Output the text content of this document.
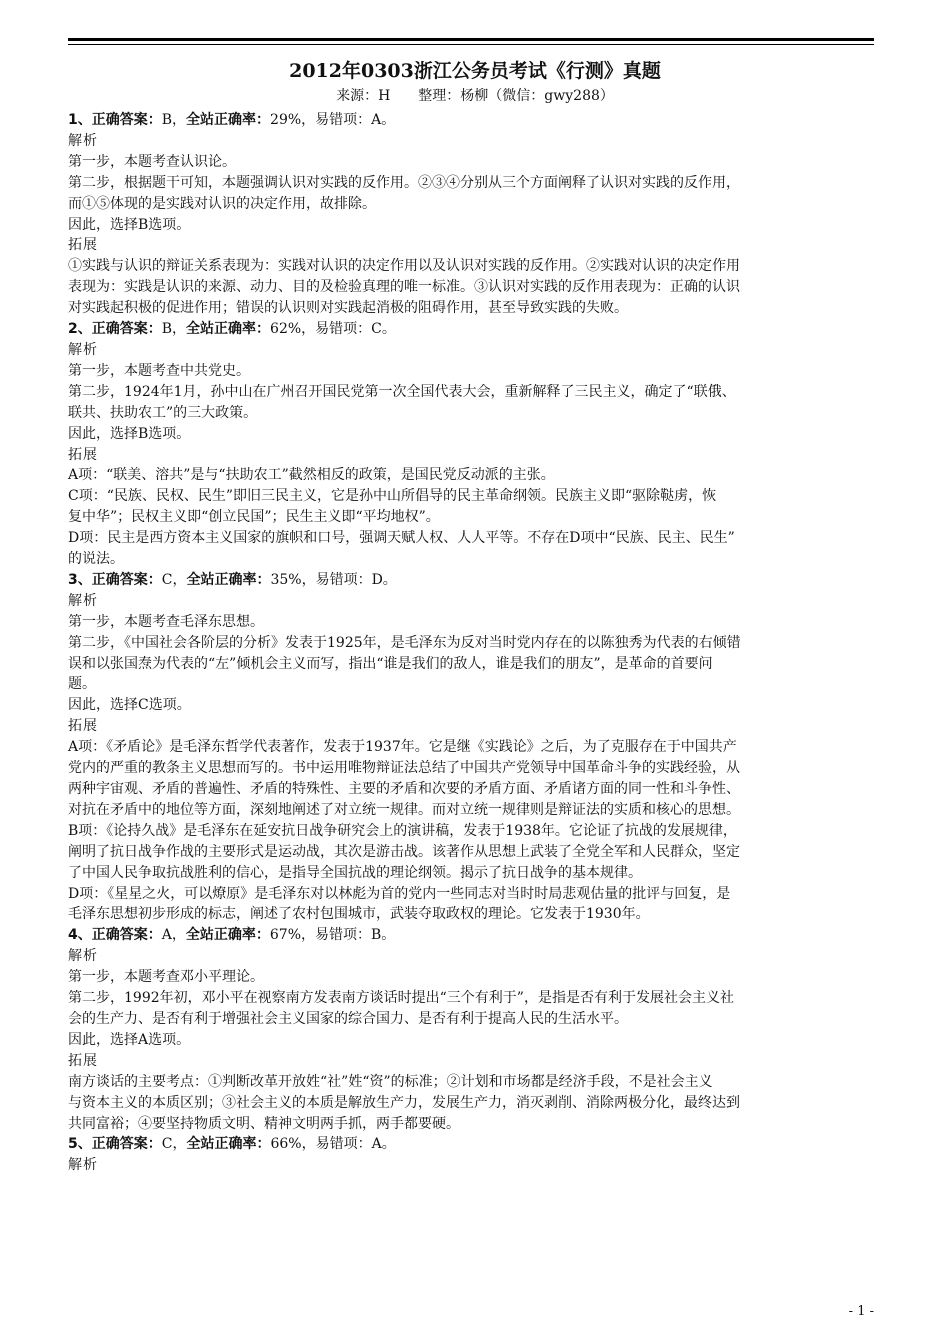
2012年0303浙江公务员考试《行测》真题
来源：H　　整理：杨柳（微信：gwy288）

1、正确答案：B，全站正确率：29%，易错项：A。

解析

第一步，本题考查认识论。

第二步，根据题干可知，本题强调认识对实践的反作用。②③④分别从三个方面阐释了认识对实践的反作用，

而①⑤体现的是实践对认识的决定作用，故排除。

因此，选择B选项。

拓展

①实践与认识的辩证关系表现为：实践对认识的决定作用以及认识对实践的反作用。②实践对认识的决定作用

表现为：实践是认识的来源、动力、目的及检验真理的唯一标准。③认识对实践的反作用表现为：正确的认识

对实践起积极的促进作用；错误的认识则对实践起消极的阻碍作用，甚至导致实践的失败。

2、正确答案：B，全站正确率：62%，易错项：C。

解析

第一步，本题考查中共党史。

第二步，1924年1月，孙中山在广州召开国民党第一次全国代表大会，重新解释了三民主义，确定了“联俄、

联共、扶助农工”的三大政策。

因此，选择B选项。

拓展

A项：“联美、溶共”是与“扶助农工”截然相反的政策，是国民党反动派的主张。

C项：“民族、民权、民生”即旧三民主义，它是孙中山所倡导的民主革命纲领。民族主义即“驱除鞑虏，恢

复中华”；民权主义即“创立民国”；民生主义即“平均地权”。

D项：民主是西方资本主义国家的旗帜和口号，强调天赋人权、人人平等。不存在D项中“民族、民主、民生”

的说法。

3、正确答案：C，全站正确率：35%，易错项：D。

解析

第一步，本题考查毛泽东思想。

第二步，《中国社会各阶层的分析》发表于1925年，是毛泽东为反对当时党内存在的以陈独秀为代表的右倾错

误和以张国焘为代表的“左”倾机会主义而写，指出“谁是我们的敌人，谁是我们的朋友”，是革命的首要问

题。

因此，选择C选项。

拓展

A项：《矛盾论》是毛泽东哲学代表著作，发表于1937年。它是继《实践论》之后，为了克服存在于中国共产

党内的严重的教条主义思想而写的。书中运用唯物辩证法总结了中国共产党领导中国革命斗争的实践经验，从

两种宇宙观、矛盾的普遍性、矛盾的特殊性、主要的矛盾和次要的矛盾方面、矛盾诸方面的同一性和斗争性、

对抗在矛盾中的地位等方面，深刻地阐述了对立统一规律。而对立统一规律则是辩证法的实质和核心的思想。

B项：《论持久战》是毛泽东在延安抗日战争研究会上的演讲稿，发表于1938年。它论证了抗战的发展规律，

阐明了抗日战争作战的主要形式是运动战，其次是游击战。该著作从思想上武装了全党全军和人民群众，坚定

了中国人民争取抗战胜利的信心，是指导全国抗战的理论纲领。揭示了抗日战争的基本规律。

D项：《星星之火，可以燎原》是毛泽东对以林彪为首的党内一些同志对当时时局悲观估量的批评与回复，是

毛泽东思想初步形成的标志，阐述了农村包围城市，武装夺取政权的理论。它发表于1930年。

4、正确答案：A，全站正确率：67%，易错项：B。

解析

第一步，本题考查邓小平理论。

第二步，1992年初，邓小平在视察南方发表南方谈话时提出“三个有利于”，是指是否有利于发展社会主义社

会的生产力、是否有利于增强社会主义国家的综合国力、是否有利于提高人民的生活水平。

因此，选择A选项。

拓展

南方谈话的主要考点：①判断改革开放姓“社”姓“资”的标准；②计划和市场都是经济手段，不是社会主义

与资本主义的本质区别；③社会主义的本质是解放生产力，发展生产力，消灭剥削、消除两极分化，最终达到

共同富裕；④要坚持物质文明、精神文明两手抓，两手都要硬。

5、正确答案：C，全站正确率：66%，易错项：A。

解析

- 1 -
